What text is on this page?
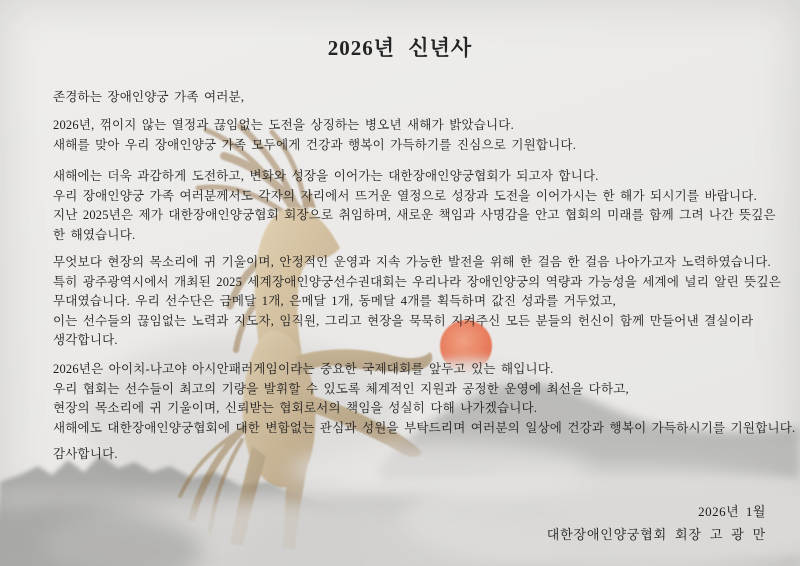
2026년 신년사
존경하는 장애인양궁 가족 여러분,
2026년, 꺾이지 않는 열정과 끊임없는 도전을 상징하는 병오년 새해가 밝았습니다.
새해를 맞아 우리 장애인양궁 가족 모두에게 건강과 행복이 가득하기를 진심으로 기원합니다.
새해에는 더욱 과감하게 도전하고, 변화와 성장을 이어가는 대한장애인양궁협회가 되고자 합니다.
우리 장애인양궁 가족 여러분께서도 각자의 자리에서 뜨거운 열정으로 성장과 도전을 이어가시는 한 해가 되시기를 바랍니다.
지난 2025년은 제가 대한장애인양궁협회 회장으로 취임하며, 새로운 책임과 사명감을 안고 협회의 미래를 함께 그려 나간 뜻깊은
한 해였습니다.
무엇보다 현장의 목소리에 귀 기울이며, 안정적인 운영과 지속 가능한 발전을 위해 한 걸음 한 걸음 나아가고자 노력하였습니다.
특히 광주광역시에서 개최된 2025 세계장애인양궁선수권대회는 우리나라 장애인양궁의 역량과 가능성을 세계에 널리 알린 뜻깊은
무대였습니다. 우리 선수단은 금메달 1개, 은메달 1개, 동메달 4개를 획득하며 값진 성과를 거두었고,
이는 선수들의 끊임없는 노력과 지도자, 임직원, 그리고 현장을 묵묵히 지켜주신 모든 분들의 헌신이 함께 만들어낸 결실이라
생각합니다.
2026년은 아이치-나고야 아시안패러게임이라는 중요한 국제대회를 앞두고 있는 해입니다.
우리 협회는 선수들이 최고의 기량을 발휘할 수 있도록 체계적인 지원과 공정한 운영에 최선을 다하고,
현장의 목소리에 귀 기울이며, 신뢰받는 협회로서의 책임을 성실히 다해 나가겠습니다.
새해에도 대한장애인양궁협회에 대한 변함없는 관심과 성원을 부탁드리며 여러분의 일상에 건강과 행복이 가득하시기를 기원합니다.
감사합니다.
2026년 1월
대한장애인양궁협회 회장 고 광 만
